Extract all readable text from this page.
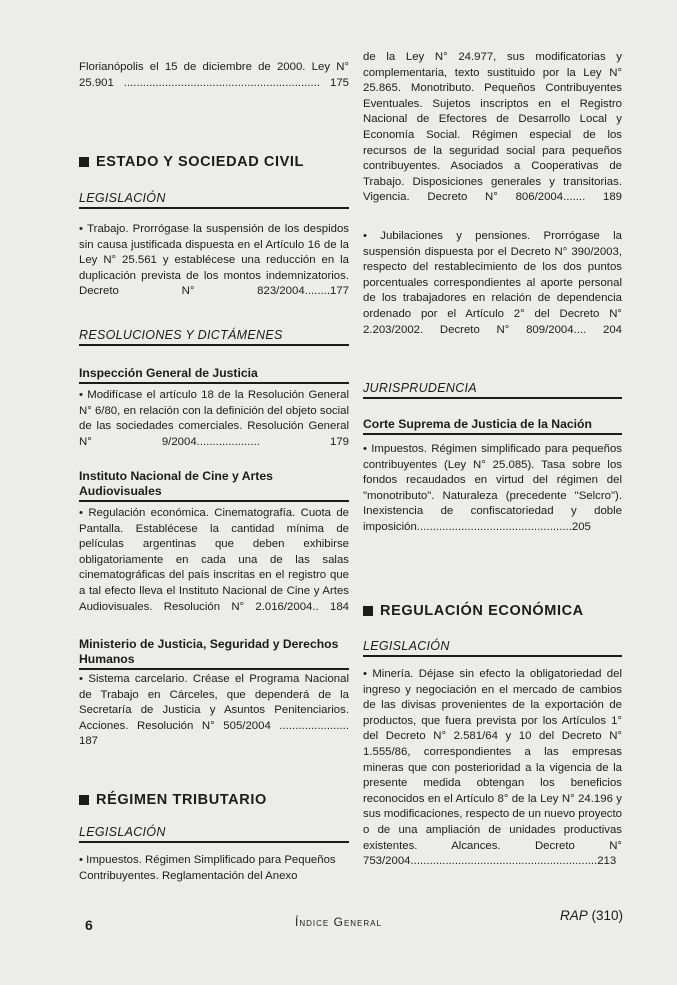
Florianópolis el 15 de diciembre de 2000. Ley N° 25.901 .............................................................. 175

ESTADO Y SOCIEDAD CIVIL
LEGISLACIÓN

• Trabajo. Prorrógase la suspensión de los despidos sin causa justificada dispuesta en el Artículo 16 de la Ley N° 25.561 y establécese una reducción en la duplicación prevista de los montos indemnizatorios. Decreto N° 823/2004........177

RESOLUCIONES Y DICTÁMENES
Inspección General de Justicia

• Modifícase el artículo 18 de la Resolución General N° 6/80, en relación con la definición del objeto social de las sociedades comerciales. Resolución General N° 9/2004.................... 179

Instituto Nacional de Cine y Artes Audiovisuales

• Regulación económica. Cinematografía. Cuota de Pantalla. Establécese la cantidad mínima de películas argentinas que deben exhibirse obligatoriamente en cada una de las salas cinematográficas del país inscritas en el registro que a tal efecto lleva el Instituto Nacional de Cine y Artes Audiovisuales. Resolución N° 2.016/2004.. 184

Ministerio de Justicia, Seguridad y Derechos Humanos

• Sistema carcelario. Créase el Programa Nacional de Trabajo en Cárceles, que dependerá de la Secretaría de Justicia y Asuntos Penitenciarios. Acciones. Resolución N° 505/2004 ...................... 187

RÉGIMEN TRIBUTARIO
LEGISLACIÓN

• Impuestos. Régimen Simplificado para Pequeños Contribuyentes. Reglamentación del Anexo

de la Ley N° 24.977, sus modificatorias y complementaria, texto sustituido por la Ley N° 25.865. Monotributo. Pequeños Contribuyentes Eventuales. Sujetos inscriptos en el Registro Nacional de Efectores de Desarrollo Local y Economía Social. Régimen especial de los recursos de la seguridad social para pequeños contribuyentes. Asociados a Cooperativas de Trabajo. Disposiciones generales y transitorias. Vigencia. Decreto N° 806/2004....... 189

• Jubilaciones y pensiones. Prorrógase la suspensión dispuesta por el Decreto N° 390/2003, respecto del restablecimiento de los dos puntos porcentuales correspondientes al aporte personal de los trabajadores en relación de dependencia ordenado por el Artículo 2° del Decreto N° 2.203/2002. Decreto N° 809/2004.... 204

JURISPRUDENCIA
Corte Suprema de Justicia de la Nación

• Impuestos. Régimen simplificado para pequeños contribuyentes (Ley N° 25.085). Tasa sobre los fondos recaudados en virtud del régimen del "monotributo". Naturaleza (precedente "Selcro"). Inexistencia de confiscatoriedad y doble imposición.................................................205

REGULACIÓN ECONÓMICA
LEGISLACIÓN

• Minería. Déjase sin efecto la obligatoriedad del ingreso y negociación en el mercado de cambios de las divisas provenientes de la exportación de productos, que fuera prevista por los Artículos 1° del Decreto N° 2.581/64 y 10 del Decreto N° 1.555/86, correspondientes a las empresas mineras que con posterioridad a la vigencia de la presente medida obtengan los beneficios reconocidos en el Artículo 8° de la Ley N° 24.196 y sus modificaciones, respecto de un nuevo proyecto o de una ampliación de unidades productivas existentes. Alcances. Decreto N° 753/2004...........................................................213

6	Índice General	RAP (310)
